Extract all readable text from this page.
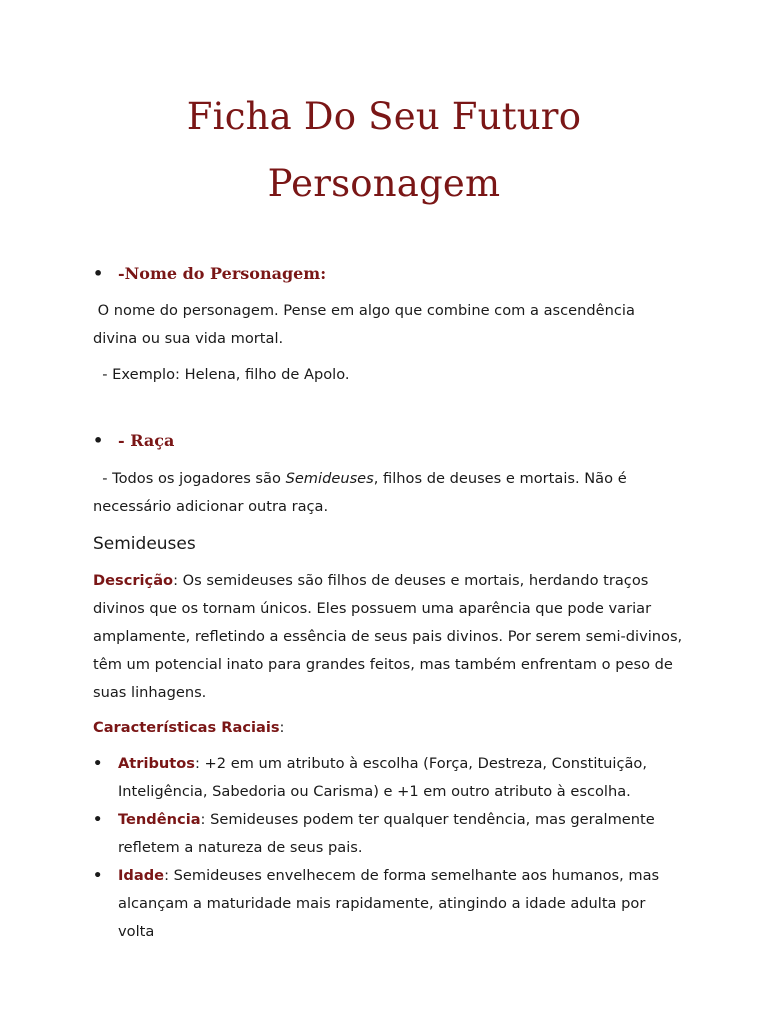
Ficha Do Seu Futuro
Personagem
• -Nome do Personagem:

O nome do personagem. Pense em algo que combine com a ascendência divina ou sua vida mortal.

- Exemplo: Helena, filho de Apolo.

• - Raça

- Todos os jogadores são Semideuses, filhos de deuses e mortais. Não é necessário adicionar outra raça.

Semideuses

Descrição: Os semideuses são filhos de deuses e mortais, herdando traços divinos que os tornam únicos. Eles possuem uma aparência que pode variar amplamente, refletindo a essência de seus pais divinos. Por serem semi-divinos, têm um potencial inato para grandes feitos, mas também enfrentam o peso de suas linhagens.

Características Raciais:

• Atributos: +2 em um atributo à escolha (Força, Destreza, Constituição, Inteligência, Sabedoria ou Carisma) e +1 em outro atributo à escolha.
• Tendência: Semideuses podem ter qualquer tendência, mas geralmente refletem a natureza de seus pais.
• Idade: Semideuses envelhecem de forma semelhante aos humanos, mas alcançam a maturidade mais rapidamente, atingindo a idade adulta por volta
